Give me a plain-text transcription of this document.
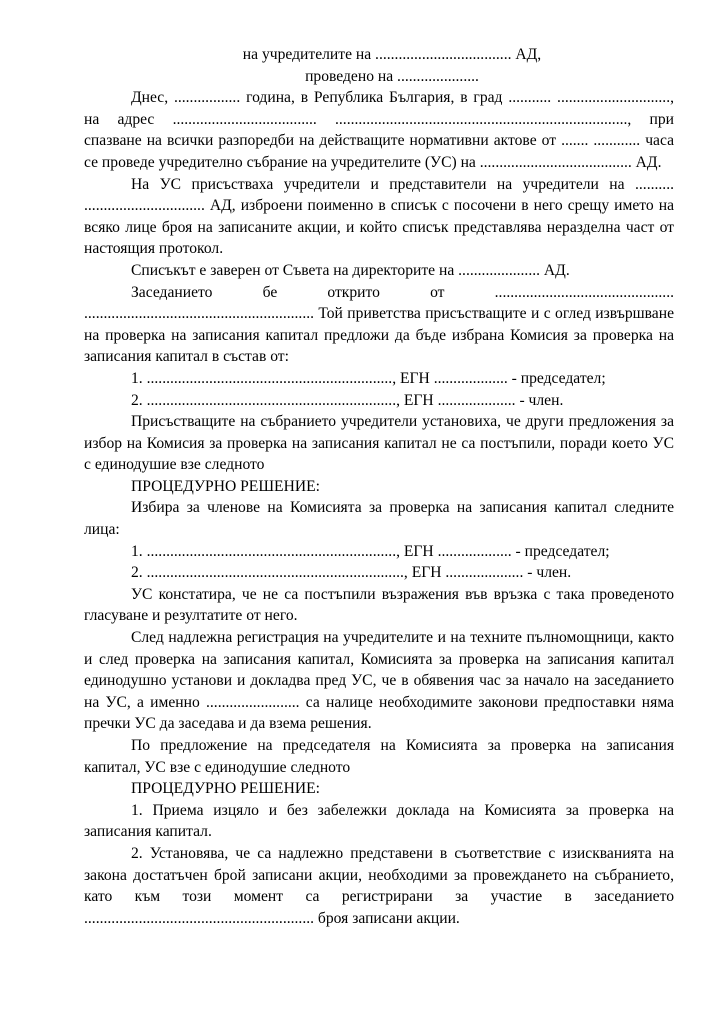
на учредителите на ................................... АД,
проведено на .....................

Днес, ................. година, в Република България, в град ........... ............................., на адрес ..................................... ..........................................................................., при спазване на всички разпоредби на действащите нормативни актове от ....... ............ часа се проведе учредително събрание на учредителите (УС) на ....................................... АД.

На УС присъстваха учредители и представители на учредители на .......... ............................... АД, изброени поименно в списък с посочени в него срещу името на всяко лице броя на записаните акции, и който списък представлява неразделна част от настоящия протокол.

Списъкът е заверен от Съвета на директорите на ..................... АД.

Заседанието бе открито от .............................................. ........................................................... Той приветства присъстващите и с оглед извършване на проверка на записания капитал предложи да бъде избрана Комисия за проверка на записания капитал в състав от:

1. ..............................................................., ЕГН ................... - председател;

2. ................................................................, ЕГН .................... - член.

Присъстващите на събранието учредители установиха, че други предложения за избор на Комисия за проверка на записания капитал не са постъпили, поради което УС с единодушие взе следното

ПРОЦЕДУРНО РЕШЕНИЕ:

Избира за членове на Комисията за проверка на записания капитал следните лица:

1. ................................................................, ЕГН ................... - председател;

2. .................................................................., ЕГН .................... - член.

УС констатира, че не са постъпили възражения във връзка с така проведеното гласуване и резултатите от него.

След надлежна регистрация на учредителите и на техните пълномощници, както и след проверка на записания капитал, Комисията за проверка на записания капитал единодушно установи и докладва пред УС, че в обявения час за начало на заседанието на УС, а именно ........................ са налице необходимите законови предпоставки няма пречки УС да заседава и да взема решения.

По предложение на председателя на Комисията за проверка на записания капитал, УС взе с единодушие следното

ПРОЦЕДУРНО РЕШЕНИЕ:

1. Приема изцяло и без забележки доклада на Комисията за проверка на записания капитал.

2. Установява, че са надлежно представени в съответствие с изискванията на закона достатъчен брой записани акции, необходими за провеждането на събранието, като към този момент са регистрирани за участие в заседанието ........................................................... броя записани акции.
